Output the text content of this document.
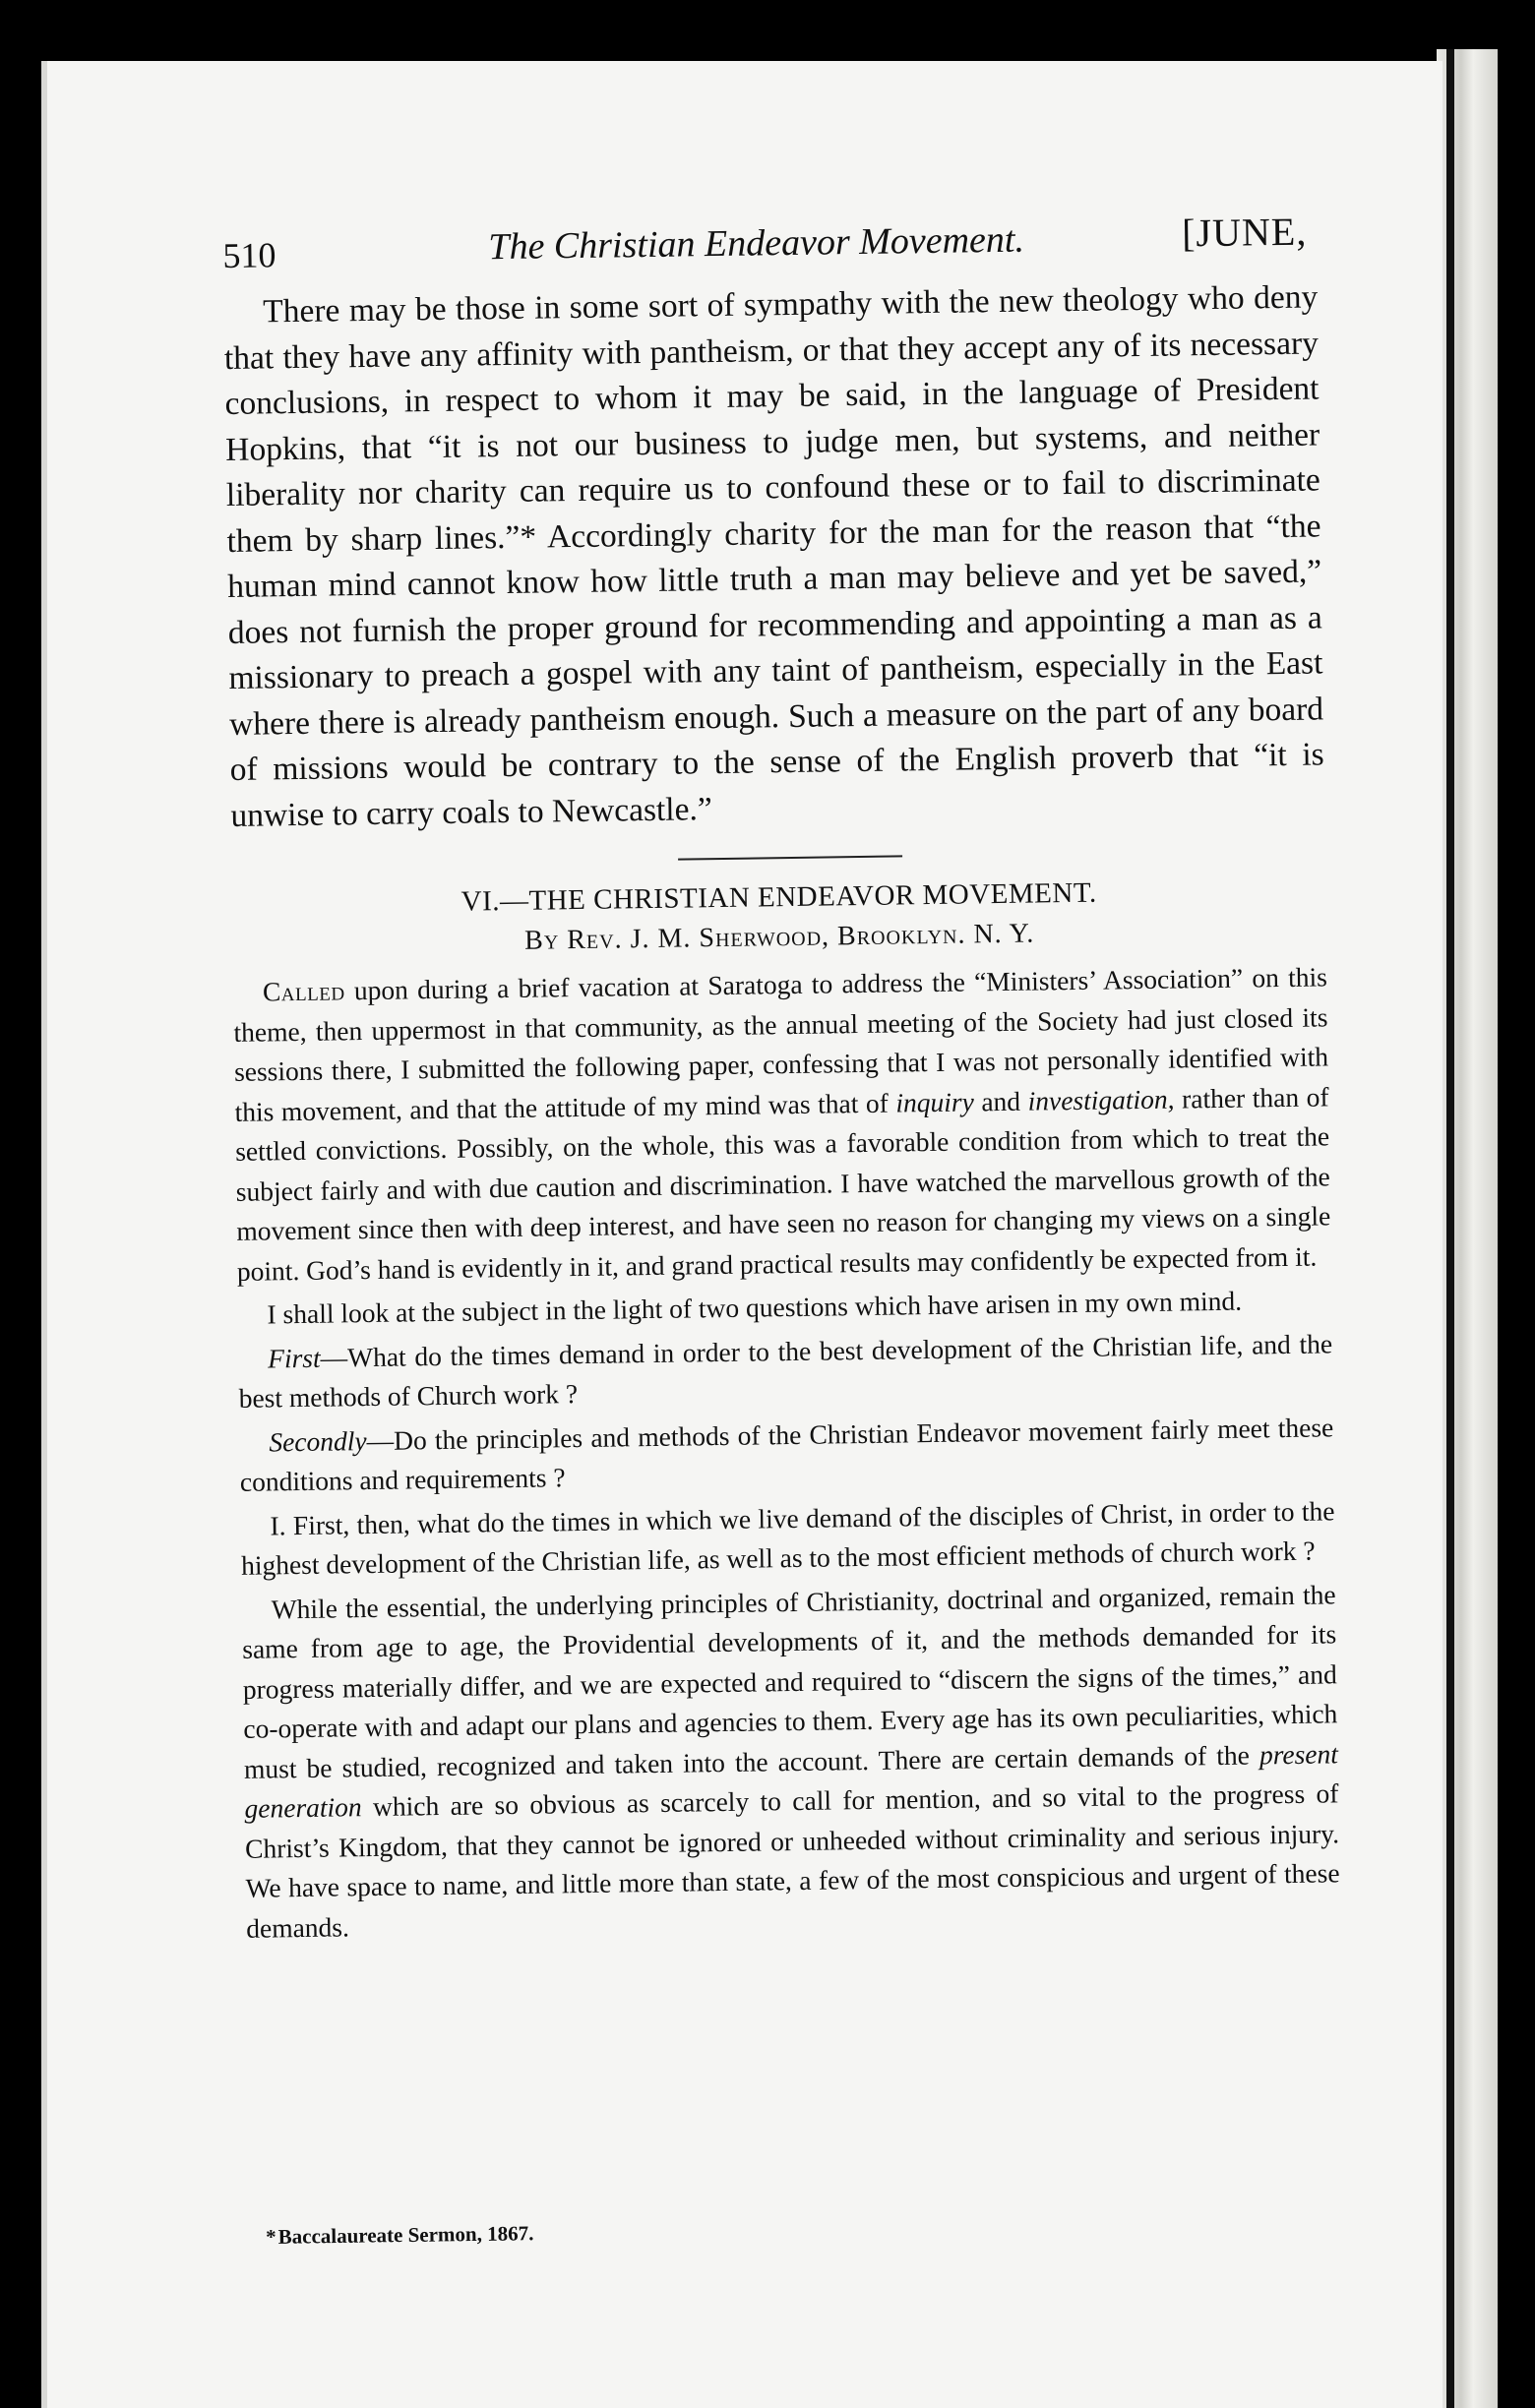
510	The Christian Endeavor Movement.	[JUNE,

There may be those in some sort of sympathy with the new theology who deny that they have any affinity with pantheism, or that they accept any of its necessary conclusions, in respect to whom it may be said, in the language of President Hopkins, that “it is not our business to judge men, but systems, and neither liberality nor charity can require us to confound these or to fail to discriminate them by sharp lines.”* Accordingly charity for the man for the reason that “the human mind cannot know how little truth a man may believe and yet be saved,” does not furnish the proper ground for recommending and appointing a man as a missionary to preach a gospel with any taint of pantheism, especially in the East where there is already pantheism enough. Such a measure on the part of any board of missions would be contrary to the sense of the English proverb that “it is unwise to carry coals to Newcastle.”

VI.—THE CHRISTIAN ENDEAVOR MOVEMENT.

By Rev. J. M. Sherwood, Brooklyn. N. Y.

Called upon during a brief vacation at Saratoga to address the “Ministers’ Association” on this theme, then uppermost in that community, as the annual meeting of the Society had just closed its sessions there, I submitted the following paper, confessing that I was not personally identified with this movement, and that the attitude of my mind was that of inquiry and investigation, rather than of settled convictions. Possibly, on the whole, this was a favorable condition from which to treat the subject fairly and with due caution and discrimination. I have watched the marvellous growth of the movement since then with deep interest, and have seen no reason for changing my views on a single point. God’s hand is evidently in it, and grand practical results may confidently be expected from it.

I shall look at the subject in the light of two questions which have arisen in my own mind.

First—What do the times demand in order to the best development of the Christian life, and the best methods of Church work ?

Secondly—Do the principles and methods of the Christian Endeavor movement fairly meet these conditions and requirements ?

I. First, then, what do the times in which we live demand of the disciples of Christ, in order to the highest development of the Christian life, as well as to the most efficient methods of church work ?

While the essential, the underlying principles of Christianity, doctrinal and organized, remain the same from age to age, the Providential developments of it, and the methods demanded for its progress materially differ, and we are expected and required to “discern the signs of the times,” and co-operate with and adapt our plans and agencies to them. Every age has its own peculiarities, which must be studied, recognized and taken into the account. There are certain demands of the present generation which are so obvious as scarcely to call for mention, and so vital to the progress of Christ’s Kingdom, that they cannot be ignored or unheeded without criminality and serious injury. We have space to name, and little more than state, a few of the most conspicious and urgent of these demands.

*Baccalaureate Sermon, 1867.
